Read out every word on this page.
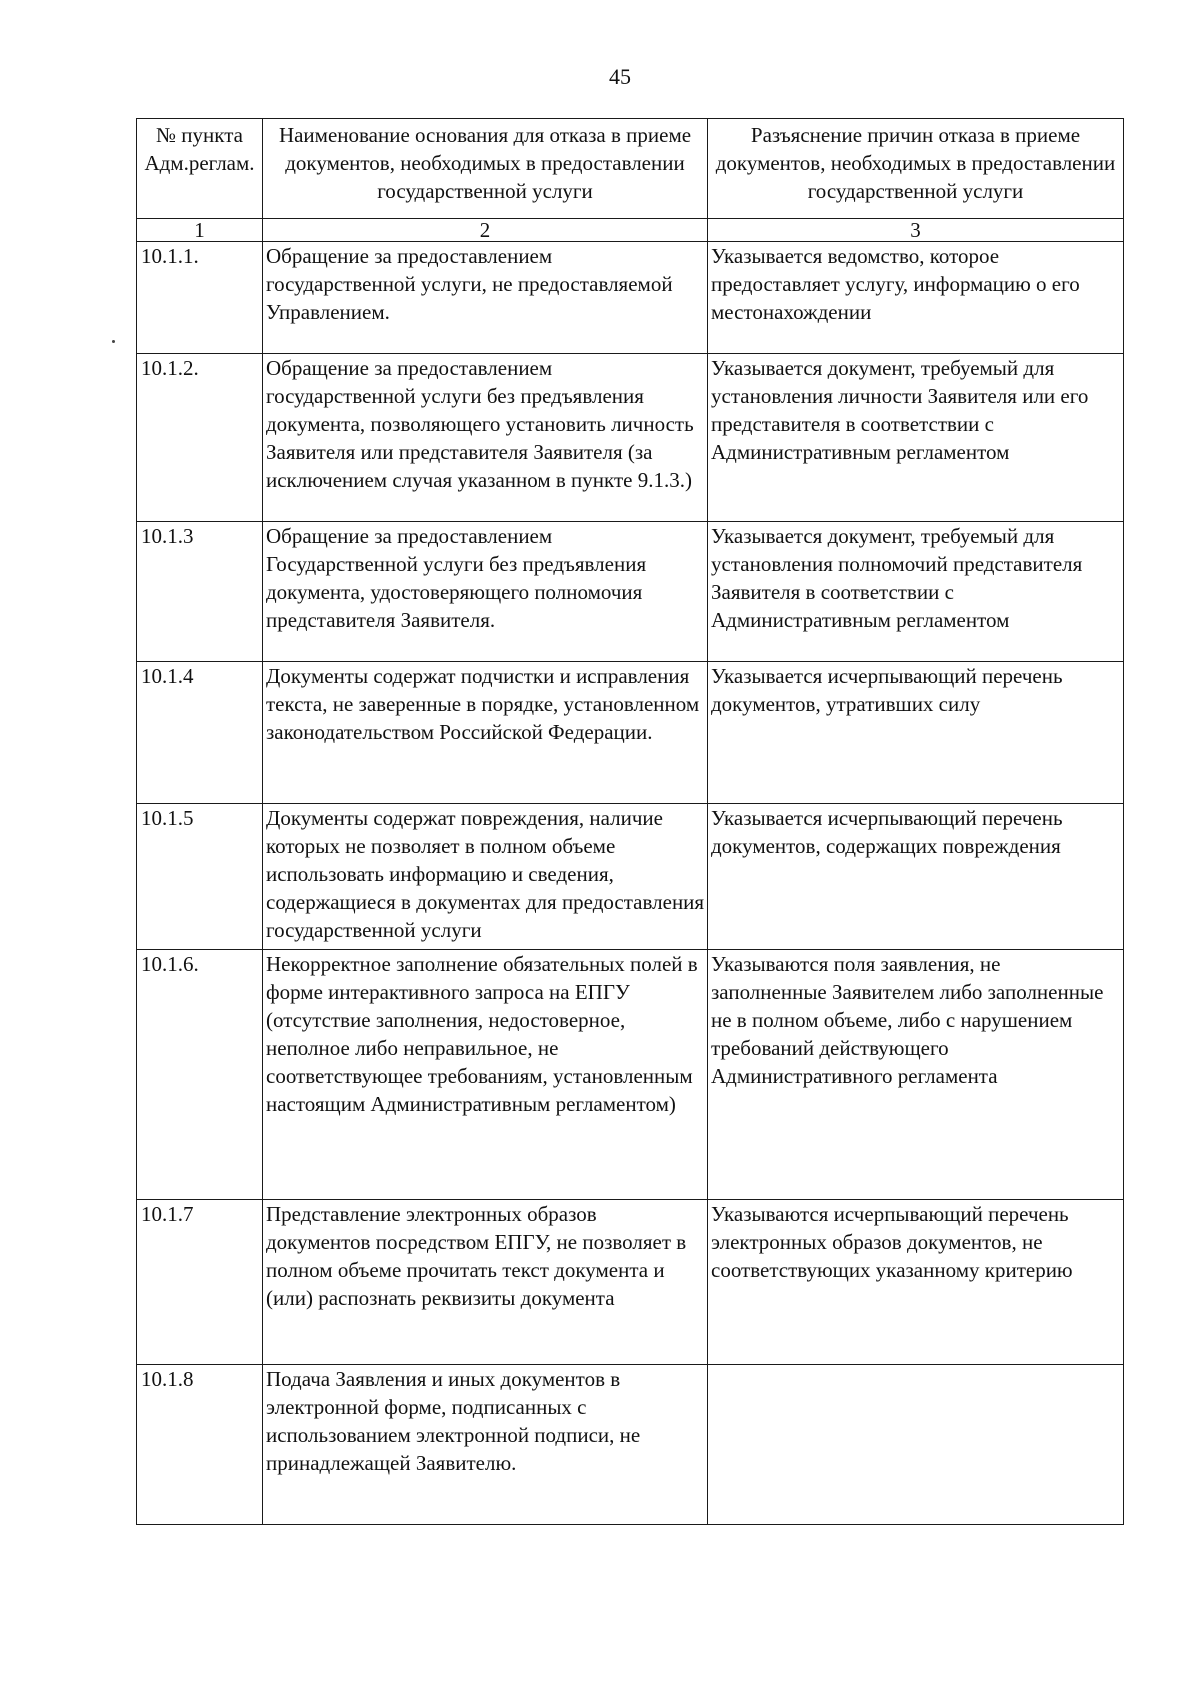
45
№ пункта Адм.реглам.	Наименование основания для отказа в приеме документов, необходимых в предоставлении государственной услуги	Разъяснение причин отказа в приеме документов, необходимых в предоставлении государственной услуги
1	2	3
10.1.1.	Обращение за предоставлением государственной услуги, не предоставляемой Управлением.	Указывается ведомство, которое предоставляет услугу, информацию о его местонахождении
10.1.2.	Обращение за предоставлением государственной услуги без предъявления документа, позволяющего установить личность Заявителя или представителя Заявителя (за исключением случая указанном в пункте 9.1.3.)	Указывается документ, требуемый для установления личности Заявителя или его представителя в соответствии с Административным регламентом
10.1.3	Обращение за предоставлением Государственной услуги без предъявления документа, удостоверяющего полномочия представителя Заявителя.	Указывается документ, требуемый для установления полномочий представителя Заявителя в соответствии с Административным регламентом
10.1.4	Документы содержат подчистки и исправления текста, не заверенные в порядке, установленном законодательством Российской Федерации.	Указывается исчерпывающий перечень документов, утративших силу
10.1.5	Документы содержат повреждения, наличие которых не позволяет в полном объеме использовать информацию и сведения, содержащиеся в документах для предоставления государственной услуги	Указывается исчерпывающий перечень документов, содержащих повреждения
10.1.6.	Некорректное заполнение обязательных полей в форме интерактивного запроса на ЕПГУ (отсутствие заполнения, недостоверное, неполное либо неправильное, не соответствующее требованиям, установленным настоящим Административным регламентом)	Указываются поля заявления, не заполненные Заявителем либо заполненные не в полном объеме, либо с нарушением требований действующего Административного регламента
10.1.7	Представление электронных образов документов посредством ЕПГУ, не позволяет в полном объеме прочитать текст документа и (или) распознать реквизиты документа	Указываются исчерпывающий перечень электронных образов документов, не соответствующих указанному критерию
10.1.8	Подача Заявления и иных документов в электронной форме, подписанных с использованием электронной подписи, не принадлежащей Заявителю.	
